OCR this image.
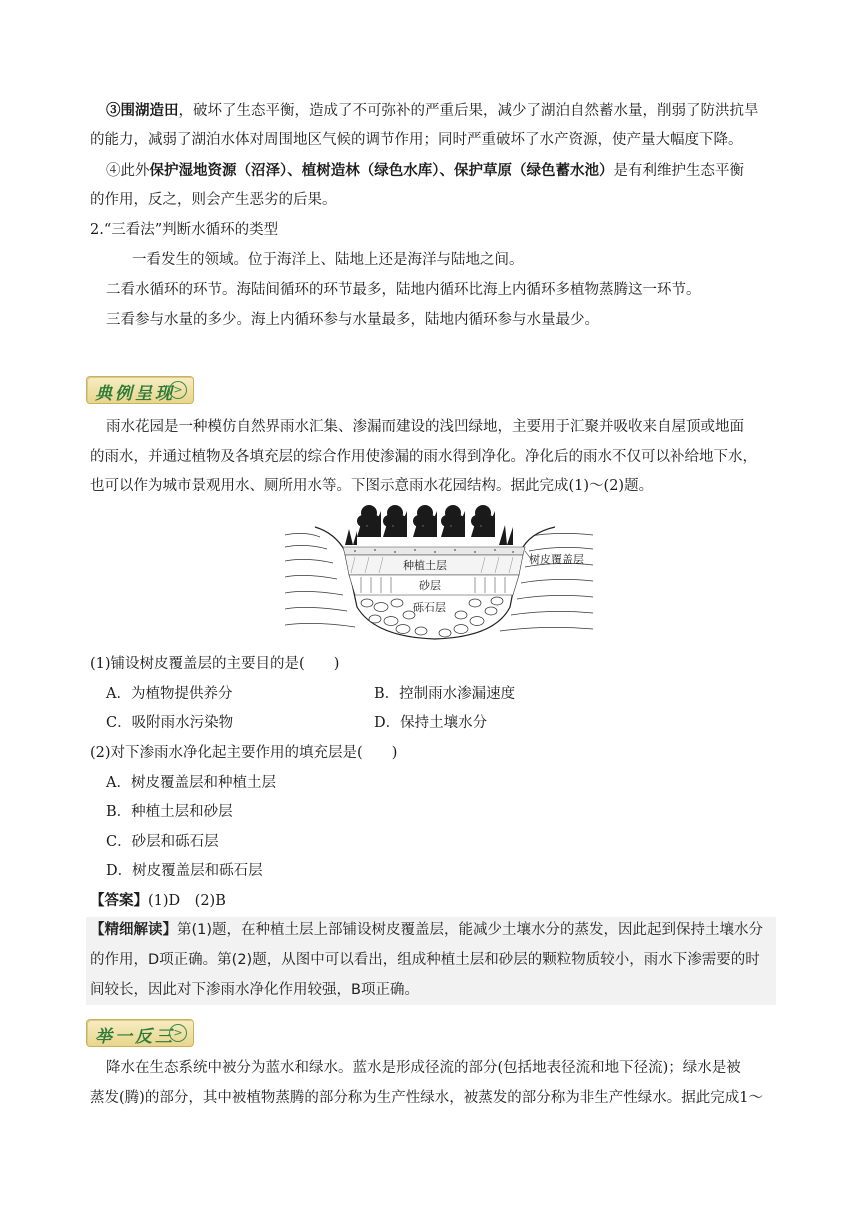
③围湖造田，破坏了生态平衡，造成了不可弥补的严重后果，减少了湖泊自然蓄水量，削弱了防洪抗旱
的能力，减弱了湖泊水体对周围地区气候的调节作用；同时严重破坏了水产资源，使产量大幅度下降。
④此外保护湿地资源（沼泽）、植树造林（绿色水库）、保护草原（绿色蓄水池）是有利维护生态平衡
的作用，反之，则会产生恶劣的后果。
2.“三看法”判断水循环的类型
一看发生的领域。位于海洋上、陆地上还是海洋与陆地之间。
二看水循环的环节。海陆间循环的环节最多，陆地内循环比海上内循环多植物蒸腾这一环节。
三看参与水量的多少。海上内循环参与水量最多，陆地内循环参与水量最少。
典例呈现
>
雨水花园是一种模仿自然界雨水汇集、渗漏而建设的浅凹绿地，主要用于汇聚并吸收来自屋顶或地面
的雨水，并通过植物及各填充层的综合作用使渗漏的雨水得到净化。净化后的雨水不仅可以补给地下水，
也可以作为城市景观用水、厕所用水等。下图示意雨水花园结构。据此完成(1)～(2)题。
种植土层
砂层
砾石层
树皮覆盖层
(1)铺设树皮覆盖层的主要目的是(　　)
A．为植物提供养分	B．控制雨水渗漏速度
C．吸附雨水污染物	D．保持土壤水分
(2)对下渗雨水净化起主要作用的填充层是(　　)
A．树皮覆盖层和种植土层
B．种植土层和砂层
C．砂层和砾石层
D．树皮覆盖层和砾石层
【答案】(1)D　(2)B
【精细解读】第(1)题，在种植土层上部铺设树皮覆盖层，能减少土壤水分的蒸发，因此起到保持土壤水分
的作用，D项正确。第(2)题，从图中可以看出，组成种植土层和砂层的颗粒物质较小，雨水下渗需要的时
间较长，因此对下渗雨水净化作用较强，B项正确。
举一反三
>
降水在生态系统中被分为蓝水和绿水。蓝水是形成径流的部分(包括地表径流和地下径流)；绿水是被
蒸发(腾)的部分，其中被植物蒸腾的部分称为生产性绿水，被蒸发的部分称为非生产性绿水。据此完成1～
